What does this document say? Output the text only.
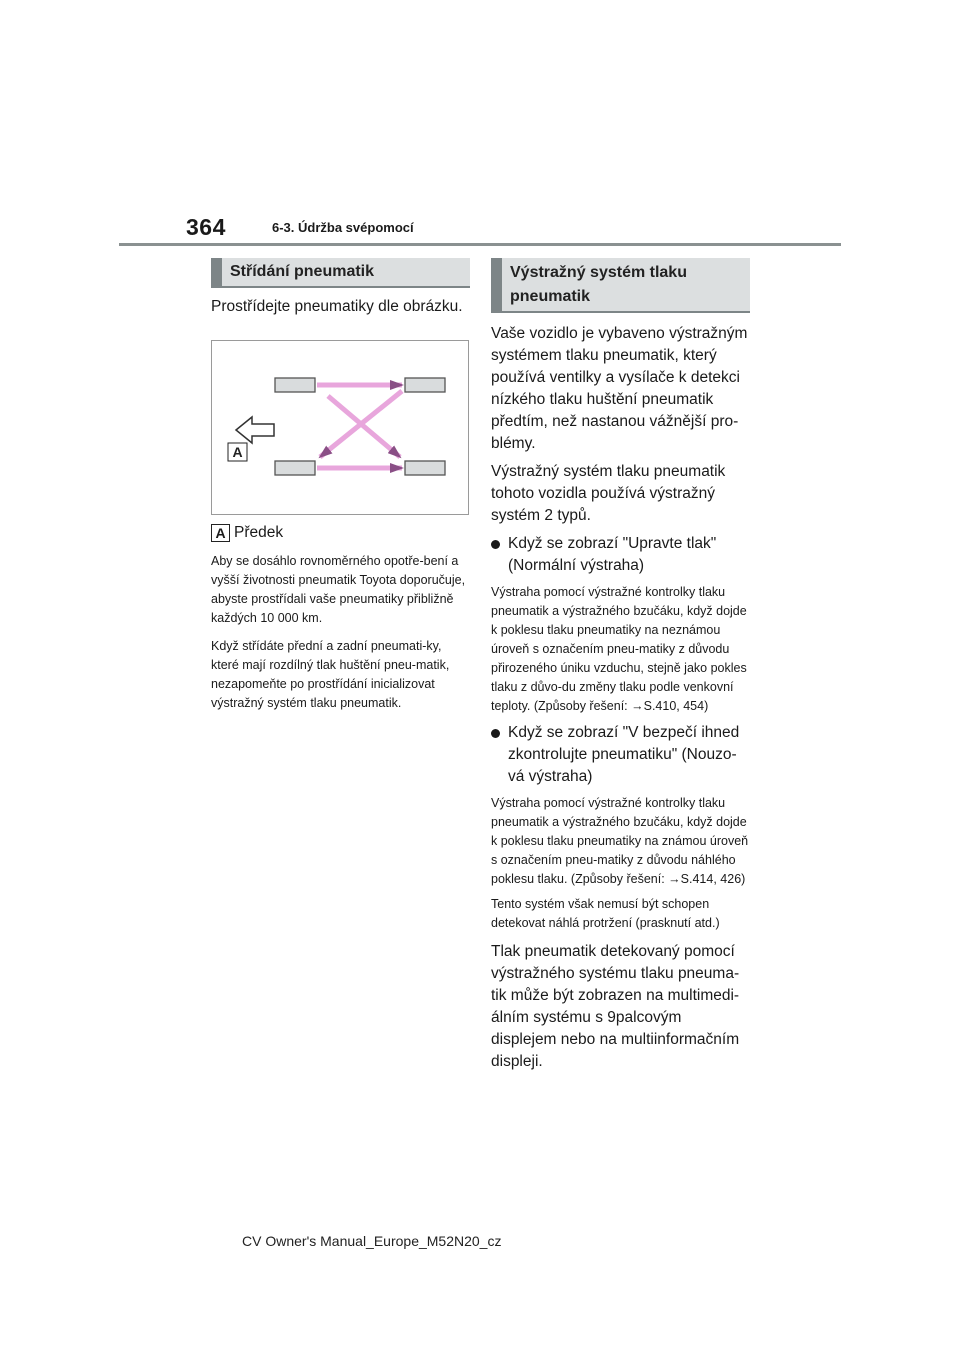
364	6-3. Údržba svépomocí
Střídání pneumatik
Prostřídejte pneumatiky dle obrázku.
A
A Předek
Aby se dosáhlo rovnoměrného opotře-bení a vyšší životnosti pneumatik Toyota doporučuje, abyste prostřídali vaše pneumatiky přibližně každých 10 000 km.
Když střídáte přední a zadní pneumati-ky, které mají rozdílný tlak huštění pneu-matik, nezapomeňte po prostřídání inicializovat výstražný systém tlaku pneumatik.
Výstražný systém tlaku pneumatik
Vaše vozidlo je vybaveno výstražným systémem tlaku pneumatik, který používá ventilky a vysílače k detekci nízkého tlaku huštění pneumatik předtím, než nastanou vážnější pro-blémy.
Výstražný systém tlaku pneumatik tohoto vozidla používá výstražný systém 2 typů.
Když se zobrazí "Upravte tlak" (Normální výstraha)
Výstraha pomocí výstražné kontrolky tlaku pneumatik a výstražného bzučáku, když dojde k poklesu tlaku pneumatiky na neznámou úroveň s označením pneu-matiky z důvodu přirozeného úniku vzduchu, stejně jako pokles tlaku z důvo-du změny tlaku podle venkovní teploty. (Způsoby řešení: →S.410, 454)
Když se zobrazí "V bezpečí ihned zkontrolujte pneumatiku" (Nouzo-vá výstraha)
Výstraha pomocí výstražné kontrolky tlaku pneumatik a výstražného bzučáku, když dojde k poklesu tlaku pneumatiky na známou úroveň s označením pneu-matiky z důvodu náhlého poklesu tlaku. (Způsoby řešení: →S.414, 426)
Tento systém však nemusí být schopen detekovat náhlá protržení (prasknutí atd.)
Tlak pneumatik detekovaný pomocí výstražného systému tlaku pneuma-tik může být zobrazen na multimedi-álním systému s 9palcovým displejem nebo na multiinformačním displeji.
CV Owner's Manual_Europe_M52N20_cz
